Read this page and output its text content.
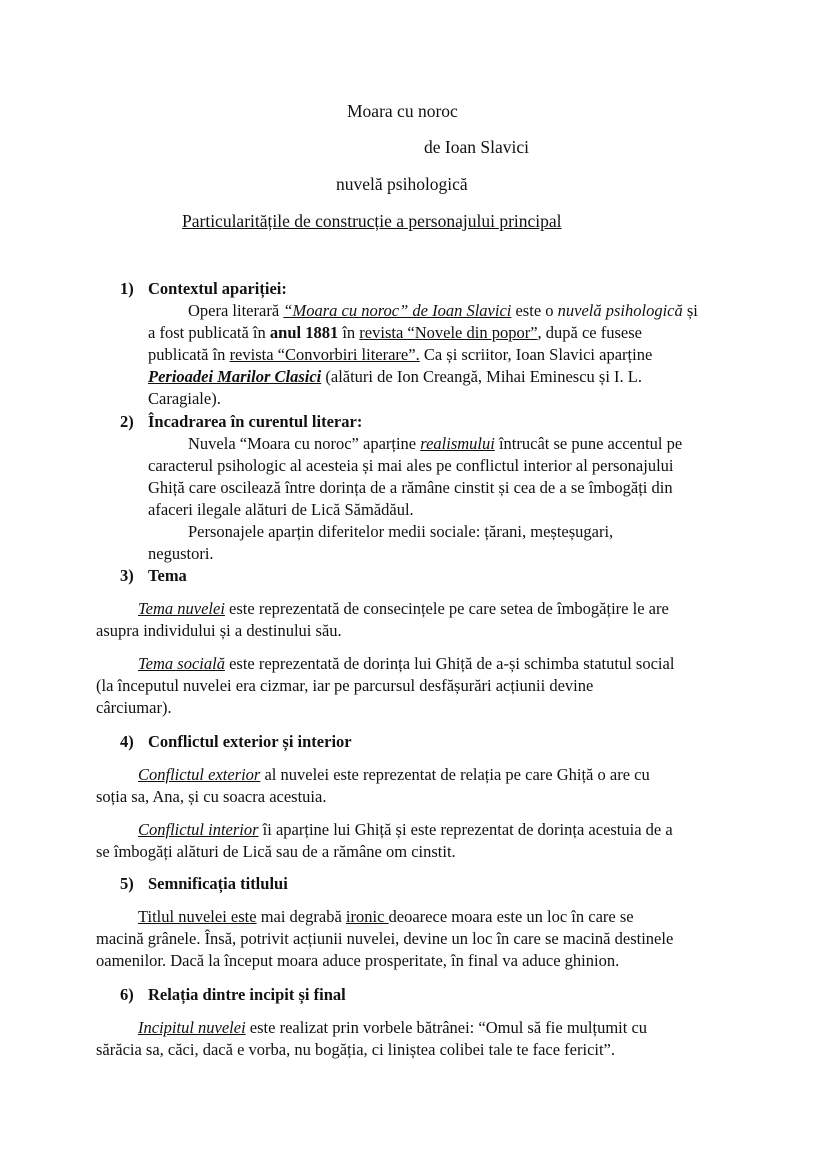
Moara cu noroc
de Ioan Slavici
nuvelă psihologică
Particularitățile de construcție a personajului principal
1) Contextul apariției:
Opera literară “Moara cu noroc” de Ioan Slavici este o nuvelă psihologică și
a fost publicată în anul 1881 în revista “Novele din popor”, după ce fusese
publicată în revista “Convorbiri literare”. Ca și scriitor, Ioan Slavici aparține
Perioadei Marilor Clasici (alături de Ion Creangă, Mihai Eminescu și I. L.
Caragiale).
2) Încadrarea în curentul literar:
Nuvela “Moara cu noroc” aparține realismului întrucât se pune accentul pe
caracterul psihologic al acesteia și mai ales pe conflictul interior al personajului
Ghiță care oscilează între dorința de a rămâne cinstit și cea de a se îmbogăți din
afaceri ilegale alături de Lică Sămădăul.
Personajele aparțin diferitelor medii sociale: țărani, meșteșugari,
negustori.
3) Tema
Tema nuvelei este reprezentată de consecințele pe care setea de îmbogățire le are
asupra individului și a destinului său.
Tema socială este reprezentată de dorința lui Ghiță de a-și schimba statutul social
(la începutul nuvelei era cizmar, iar pe parcursul desfășurări acțiunii devine
cârciumar).
4) Conflictul exterior și interior
Conflictul exterior al nuvelei este reprezentat de relația pe care Ghiță o are cu
soția sa, Ana, și cu soacra acestuia.
Conflictul interior îi aparține lui Ghiță și este reprezentat de dorința acestuia de a
se îmbogăți alături de Lică sau de a rămâne om cinstit.
5) Semnificația titlului
Titlul nuvelei este mai degrabă ironic deoarece moara este un loc în care se
macină grânele. Însă, potrivit acțiunii nuvelei, devine un loc în care se macină destinele
oamenilor. Dacă la început moara aduce prosperitate, în final va aduce ghinion.
6) Relația dintre incipit și final
Incipitul nuvelei este realizat prin vorbele bătrânei: “Omul să fie mulțumit cu
sărăcia sa, căci, dacă e vorba, nu bogăția, ci liniștea colibei tale te face fericit”.
